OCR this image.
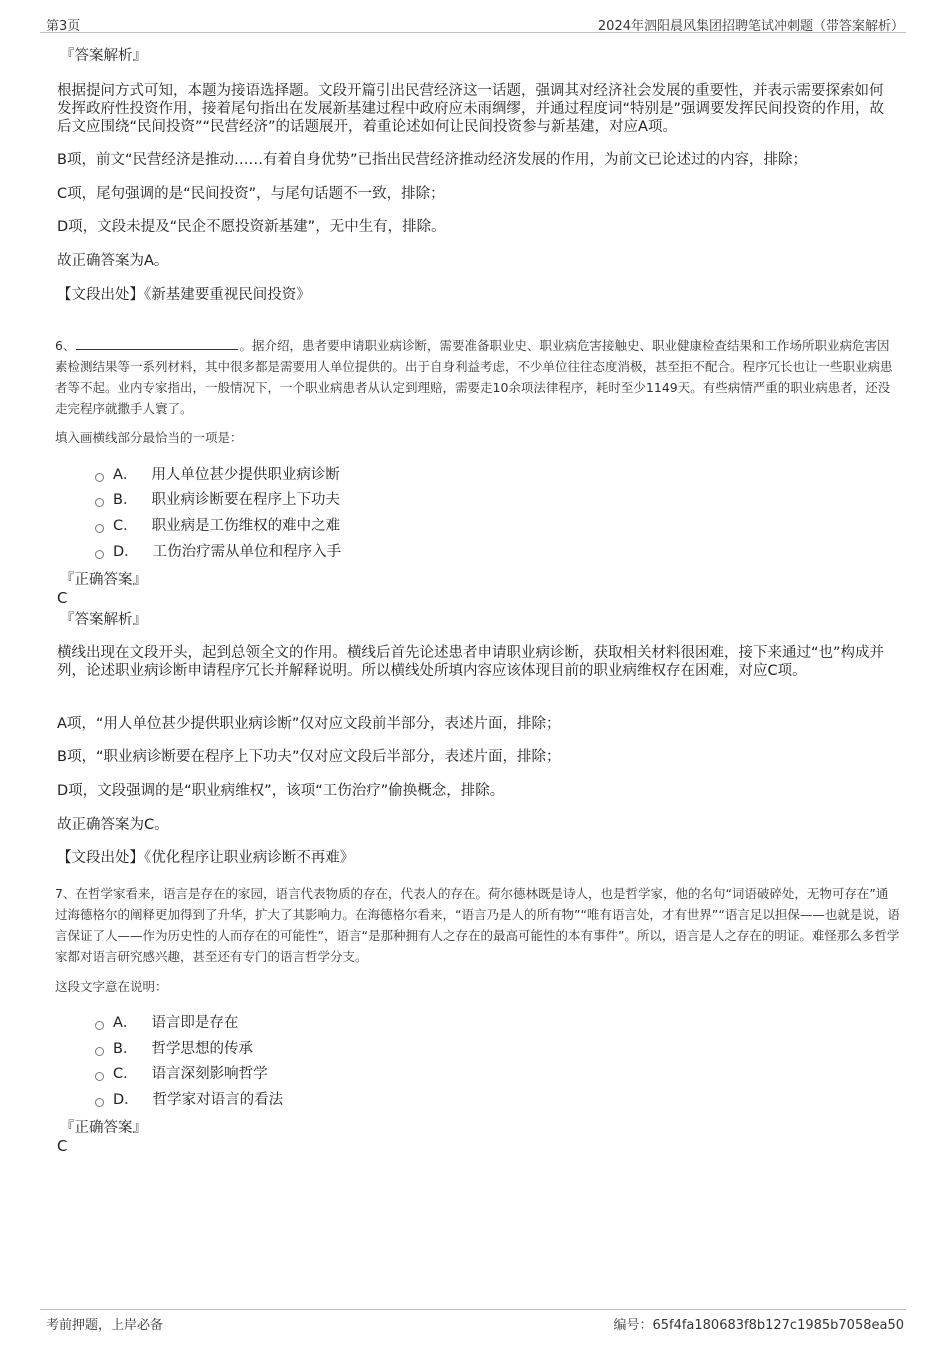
第3页	2024年泗阳晨风集团招聘笔试冲刺题（带答案解析）
『答案解析』
根据提问方式可知，本题为接语选择题。文段开篇引出民营经济这一话题，强调其对经济社会发展的重要性，并表示需要探索如何发挥政府性投资作用，接着尾句指出在发展新基建过程中政府应未雨绸缪，并通过程度词“特别是”强调要发挥民间投资的作用，故后文应围绕“民间投资”“民营经济”的话题展开，着重论述如何让民间投资参与新基建，对应A项。
B项，前文“民营经济是推动……有着自身优势”已指出民营经济推动经济发展的作用，为前文已论述过的内容，排除；
C项，尾句强调的是“民间投资”，与尾句话题不一致，排除；
D项，文段未提及“民企不愿投资新基建”，无中生有，排除。
故正确答案为A。
【文段出处】《新基建要重视民间投资》
6、	。据介绍，患者要申请职业病诊断，需要准备职业史、职业病危害接触史、职业健康检查结果和工作场所职业病危害因素检测结果等一系列材料，其中很多都是需要用人单位提供的。出于自身利益考虑，不少单位往往态度消极，甚至拒不配合。程序冗长也让一些职业病患者等不起。业内专家指出，一般情况下，一个职业病患者从认定到理赔，需要走10余项法律程序，耗时至少1149天。有些病情严重的职业病患者，还没走完程序就撒手人寰了。
填入画横线部分最恰当的一项是：
A． 用人单位甚少提供职业病诊断
B． 职业病诊断要在程序上下功夫
C． 职业病是工伤维权的难中之难
D． 工伤治疗需从单位和程序入手
『正确答案』
C
『答案解析』
横线出现在文段开头，起到总领全文的作用。横线后首先论述患者申请职业病诊断，获取相关材料很困难，接下来通过“也”构成并列，论述职业病诊断申请程序冗长并解释说明。所以横线处所填内容应该体现目前的职业病维权存在困难，对应C项。
A项，“用人单位甚少提供职业病诊断”仅对应文段前半部分，表述片面，排除；
B项，“职业病诊断要在程序上下功夫”仅对应文段后半部分，表述片面，排除；
D项，文段强调的是“职业病维权”，该项“工伤治疗”偷换概念，排除。
故正确答案为C。
【文段出处】《优化程序让职业病诊断不再难》
7、在哲学家看来，语言是存在的家园，语言代表物质的存在，代表人的存在。荷尔德林既是诗人，也是哲学家，他的名句“词语破碎处，无物可存在”通过海德格尔的阐释更加得到了升华，扩大了其影响力。在海德格尔看来，“语言乃是人的所有物”“唯有语言处，才有世界”“语言足以担保——也就是说，语言保证了人——作为历史性的人而存在的可能性”，语言“是那种拥有人之存在的最高可能性的本有事件”。所以，语言是人之存在的明证。难怪那么多哲学家都对语言研究感兴趣，甚至还有专门的语言哲学分支。
这段文字意在说明：
A． 语言即是存在
B． 哲学思想的传承
C． 语言深刻影响哲学
D． 哲学家对语言的看法
『正确答案』
C
考前押题，上岸必备	编号：65f4fa180683f8b127c1985b7058ea50
